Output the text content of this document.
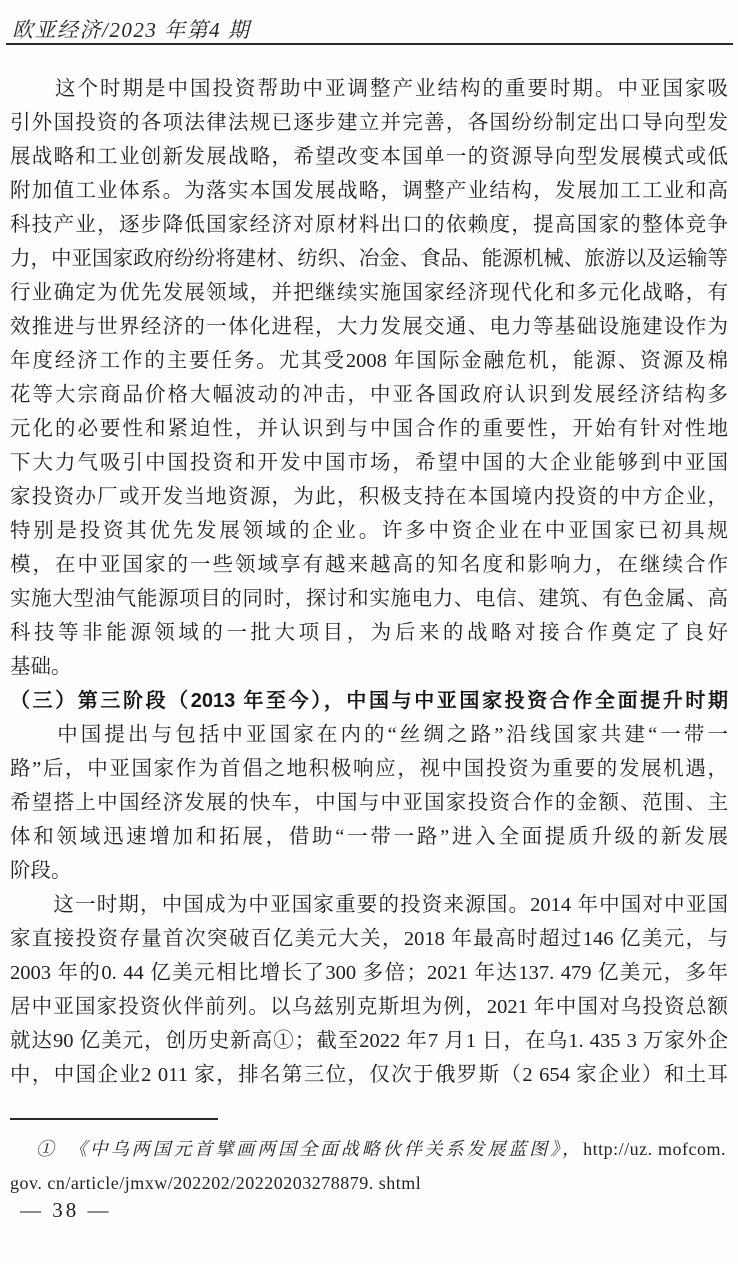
欧亚经济/2023 年第4 期
　　这个时期是中国投资帮助中亚调整产业结构的重要时期。中亚国家吸
引外国投资的各项法律法规已逐步建立并完善，各国纷纷制定出口导向型发
展战略和工业创新发展战略，希望改变本国单一的资源导向型发展模式或低
附加值工业体系。为落实本国发展战略，调整产业结构，发展加工工业和高
科技产业，逐步降低国家经济对原材料出口的依赖度，提高国家的整体竞争
力，中亚国家政府纷纷将建材、纺织、冶金、食品、能源机械、旅游以及运输等
行业确定为优先发展领域，并把继续实施国家经济现代化和多元化战略，有
效推进与世界经济的一体化进程，大力发展交通、电力等基础设施建设作为
年度经济工作的主要任务。尤其受2008 年国际金融危机，能源、资源及棉
花等大宗商品价格大幅波动的冲击，中亚各国政府认识到发展经济结构多
元化的必要性和紧迫性，并认识到与中国合作的重要性，开始有针对性地
下大力气吸引中国投资和开发中国市场，希望中国的大企业能够到中亚国
家投资办厂或开发当地资源，为此，积极支持在本国境内投资的中方企业，
特别是投资其优先发展领域的企业。许多中资企业在中亚国家已初具规
模，在中亚国家的一些领域享有越来越高的知名度和影响力，在继续合作
实施大型油气能源项目的同时，探讨和实施电力、电信、建筑、有色金属、高
科技等非能源领域的一批大项目，为后来的战略对接合作奠定了良好
基础。
（三）第三阶段（2013 年至今），中国与中亚国家投资合作全面提升时期
　　中国提出与包括中亚国家在内的“丝绸之路”沿线国家共建“一带一
路”后，中亚国家作为首倡之地积极响应，视中国投资为重要的发展机遇，
希望搭上中国经济发展的快车，中国与中亚国家投资合作的金额、范围、主
体和领域迅速增加和拓展，借助“一带一路”进入全面提质升级的新发展
阶段。
　　这一时期，中国成为中亚国家重要的投资来源国。2014 年中国对中亚国
家直接投资存量首次突破百亿美元大关，2018 年最高时超过146 亿美元，与
2003 年的0. 44 亿美元相比增长了300 多倍；2021 年达137. 479 亿美元，多年
居中亚国家投资伙伴前列。以乌兹别克斯坦为例，2021 年中国对乌投资总额
就达90 亿美元，创历史新高①；截至2022 年7 月1 日，在乌1. 435 3 万家外企
中，中国企业2 011 家，排名第三位，仅次于俄罗斯（2 654 家企业）和土耳
①　《中乌两国元首擘画两国全面战略伙伴关系发展蓝图》，http://uz. mofcom.
gov. cn/article/jmxw/202202/20220203278879. shtml
— 38 —
